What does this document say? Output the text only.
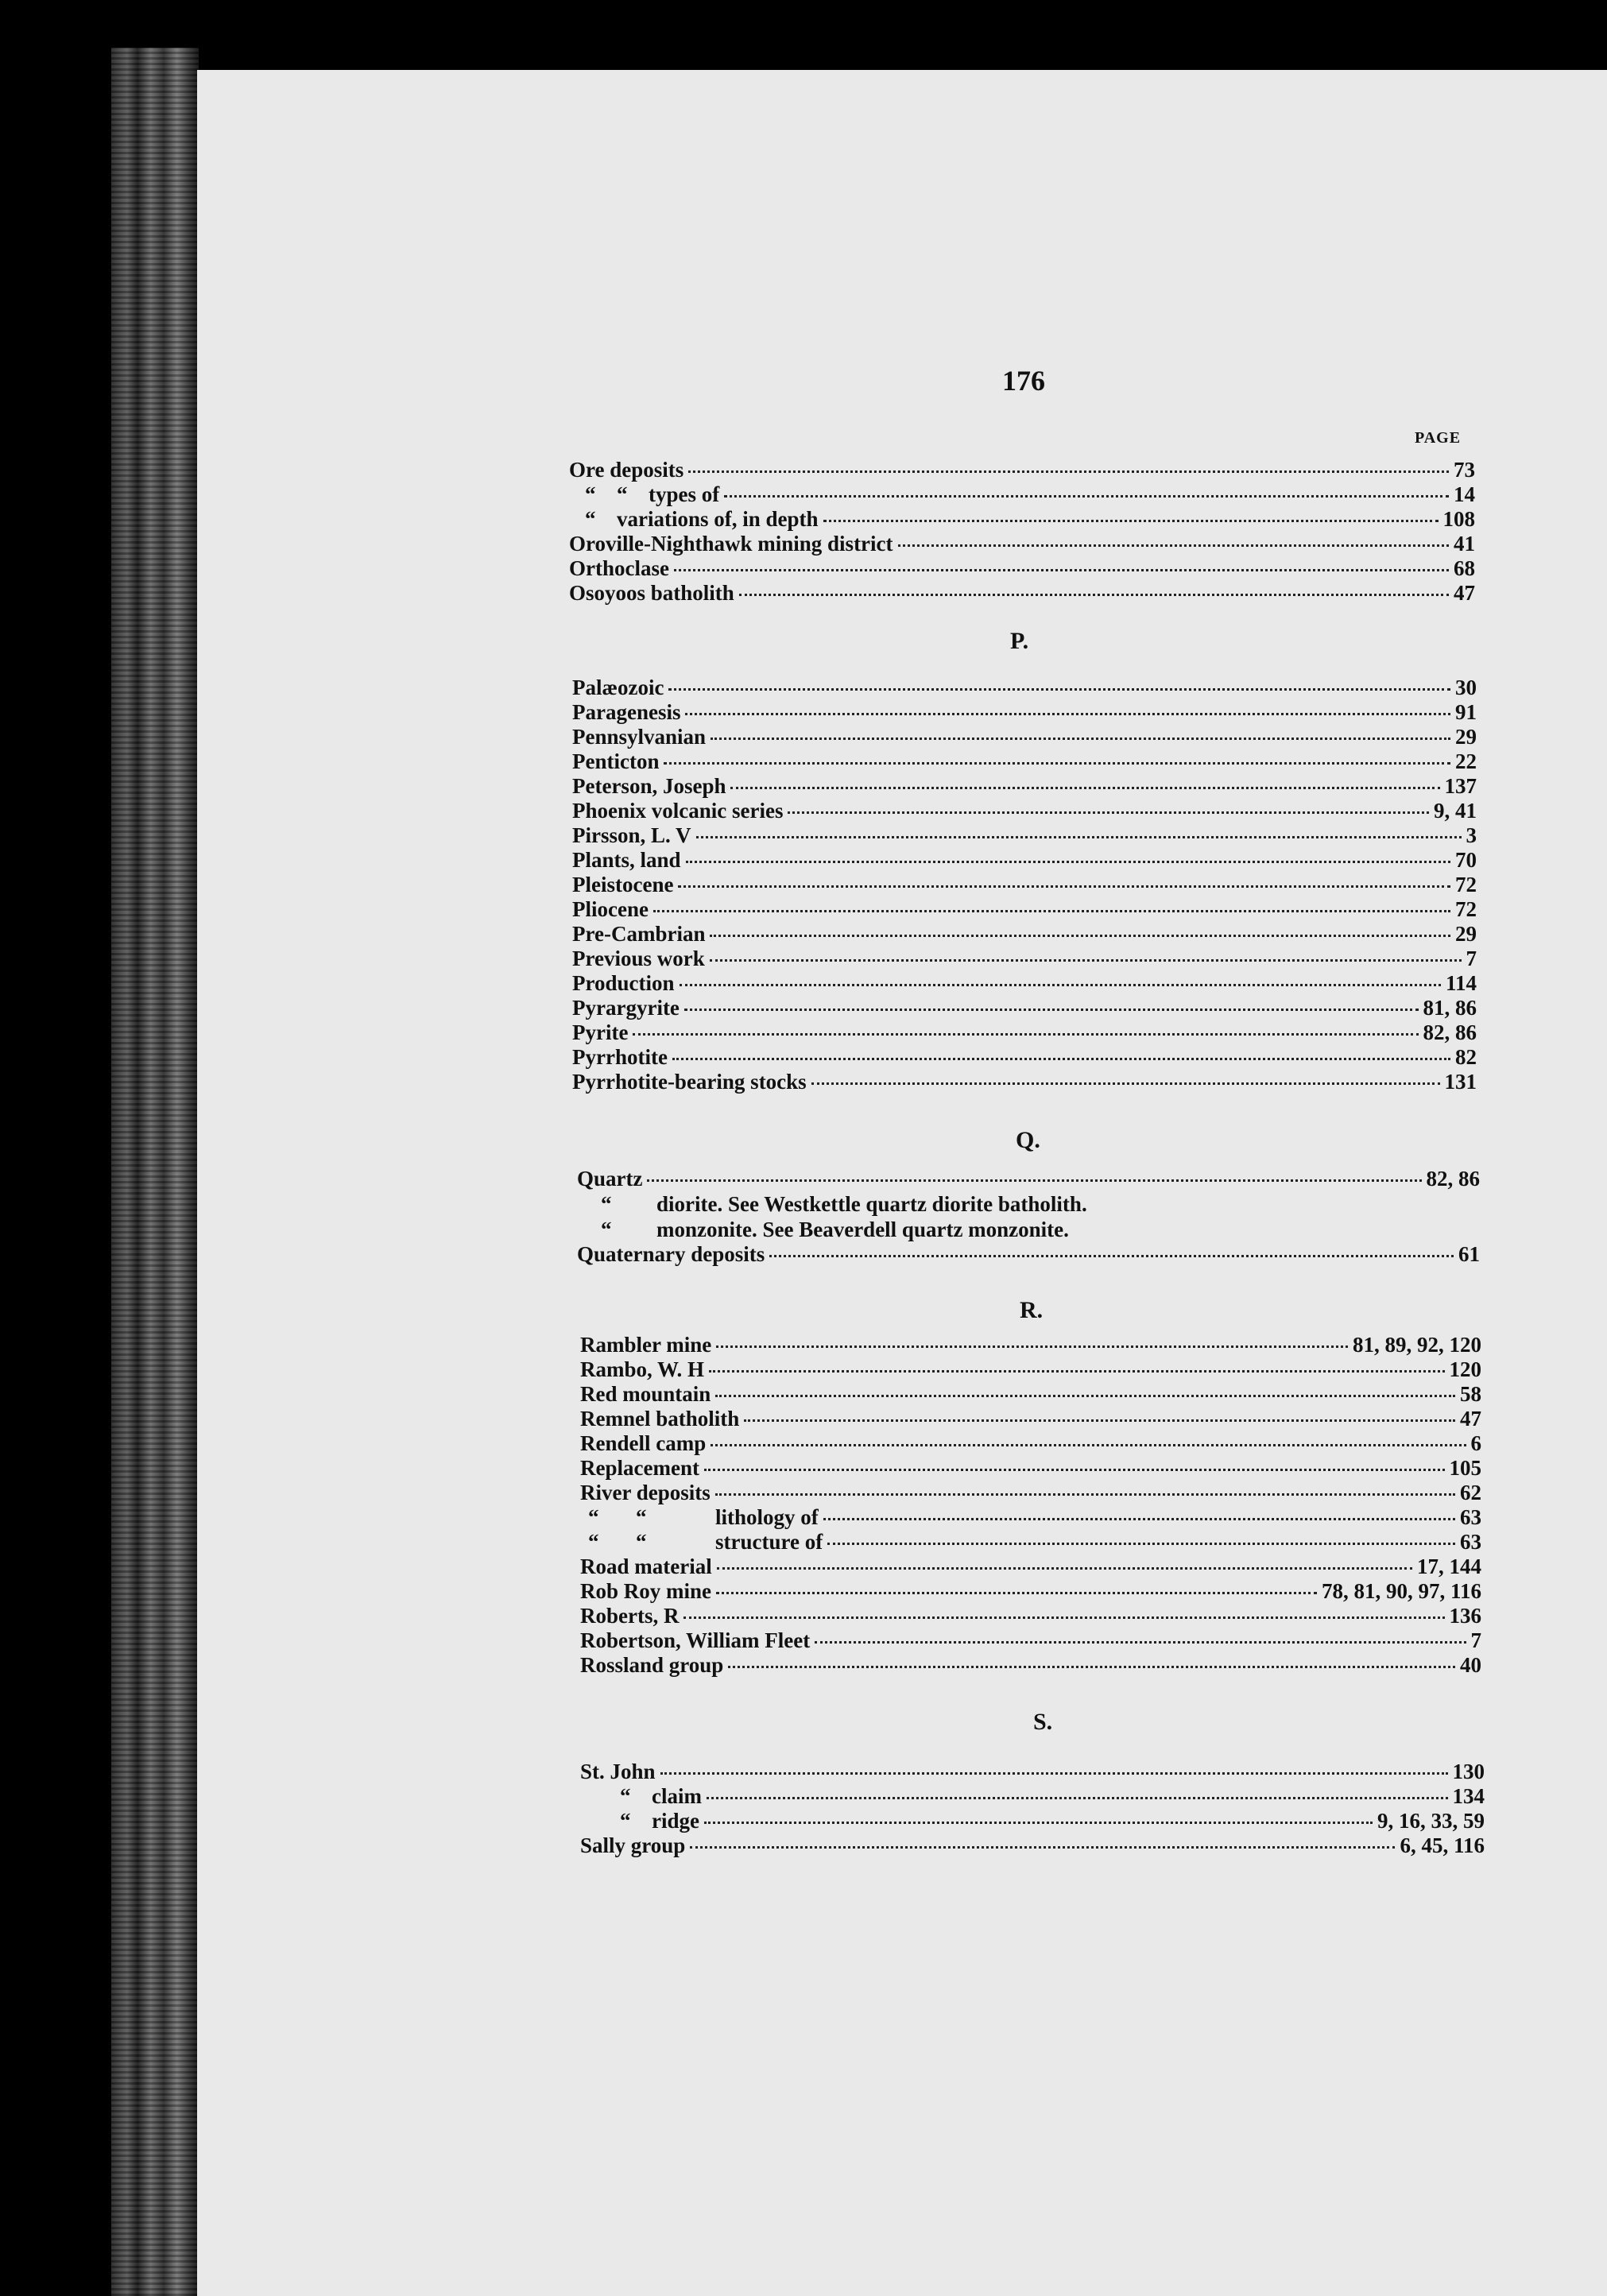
176
PAGE
Ore deposits	73
“ “ types of	14
“ variations of, in depth	108
Oroville-Nighthawk mining district	41
Orthoclase	68
Osoyoos batholith	47
P.
Palæozoic	30
Paragenesis	91
Pennsylvanian	29
Penticton	22
Peterson, Joseph	137
Phoenix volcanic series	9, 41
Pirsson, L. V	3
Plants, land	70
Pleistocene	72
Pliocene	72
Pre-Cambrian	29
Previous work	7
Production	114
Pyrargyrite	81, 86
Pyrite	82, 86
Pyrrhotite	82
Pyrrhotite-bearing stocks	131
Q.
Quartz	82, 86
“ diorite. See Westkettle quartz diorite batholith.
“ monzonite. See Beaverdell quartz monzonite.
Quaternary deposits	61
R.
Rambler mine	81, 89, 92, 120
Rambo, W. H	120
Red mountain	58
Remnel batholith	47
Rendell camp	6
Replacement	105
River deposits	62
“ “	lithology of	63
“ “	structure of	63
Road material	17, 144
Rob Roy mine	78, 81, 90, 97, 116
Roberts, R	136
Robertson, William Fleet	7
Rossland group	40
S.
St. John	130
“ claim	134
“ ridge	9, 16, 33, 59
Sally group	6, 45, 116
